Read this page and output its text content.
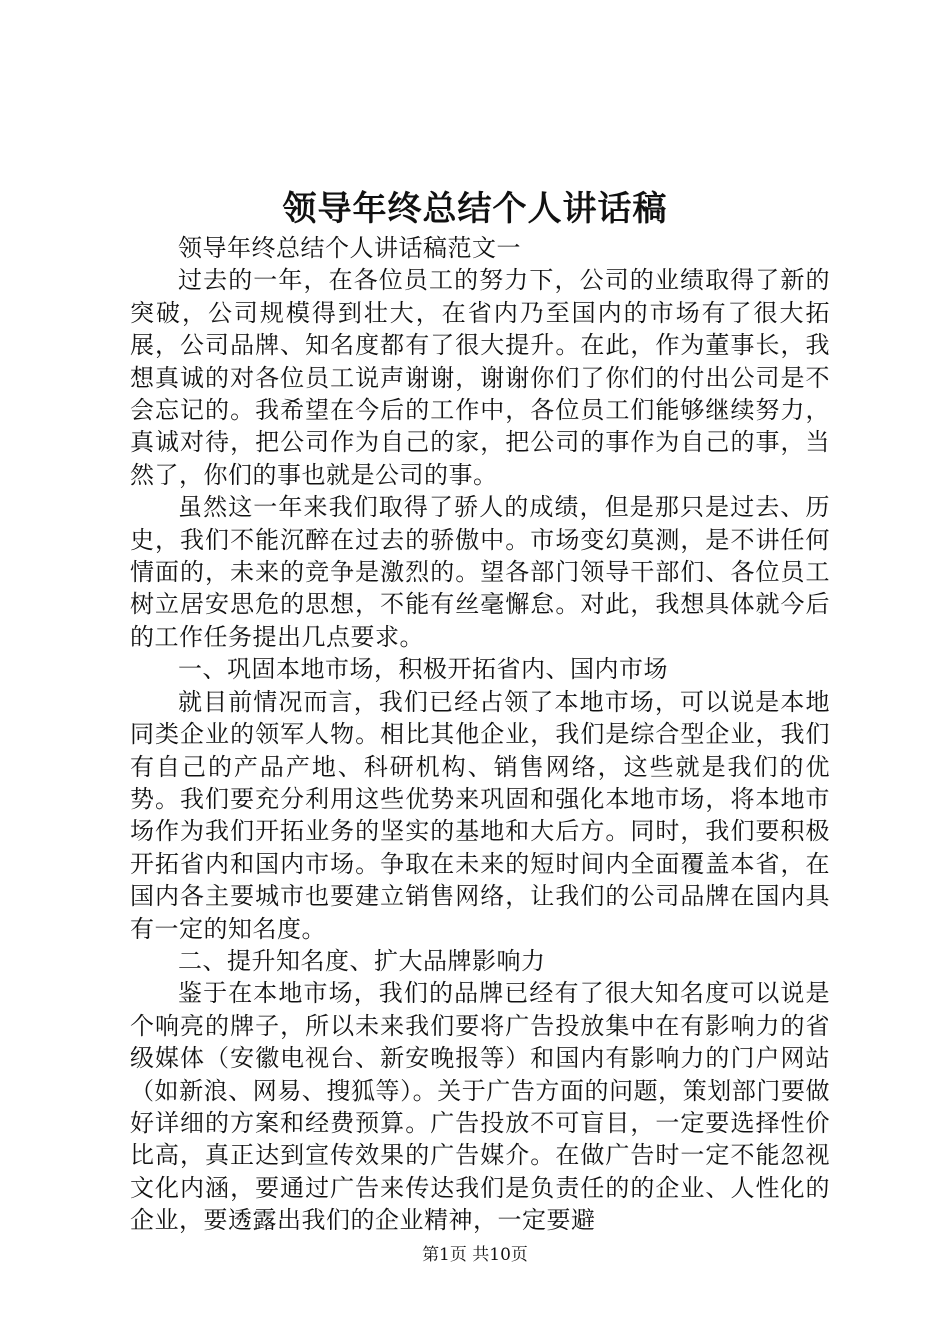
领导年终总结个人讲话稿

领导年终总结个人讲话稿范文一

过去的一年，在各位员工的努力下，公司的业绩取得了新的突破，公司规模得到壮大，在省内乃至国内的市场有了很大拓展，公司品牌、知名度都有了很大提升。在此，作为董事长，我想真诚的对各位员工说声谢谢，谢谢你们了你们的付出公司是不会忘记的。我希望在今后的工作中，各位员工们能够继续努力，真诚对待，把公司作为自己的家，把公司的事作为自己的事，当然了，你们的事也就是公司的事。

虽然这一年来我们取得了骄人的成绩，但是那只是过去、历史，我们不能沉醉在过去的骄傲中。市场变幻莫测，是不讲任何情面的，未来的竞争是激烈的。望各部门领导干部们、各位员工树立居安思危的思想，不能有丝毫懈怠。对此，我想具体就今后的工作任务提出几点要求。

一、巩固本地市场，积极开拓省内、国内市场

就目前情况而言，我们已经占领了本地市场，可以说是本地同类企业的领军人物。相比其他企业，我们是综合型企业，我们有自己的产品产地、科研机构、销售网络，这些就是我们的优势。我们要充分利用这些优势来巩固和强化本地市场，将本地市场作为我们开拓业务的坚实的基地和大后方。同时，我们要积极开拓省内和国内市场。争取在未来的短时间内全面覆盖本省，在国内各主要城市也要建立销售网络，让我们的公司品牌在国内具有一定的知名度。

二、提升知名度、扩大品牌影响力

鉴于在本地市场，我们的品牌已经有了很大知名度可以说是个响亮的牌子，所以未来我们要将广告投放集中在有影响力的省级媒体（安徽电视台、新安晚报等）和国内有影响力的门户网站（如新浪、网易、搜狐等）。关于广告方面的问题，策划部门要做好详细的方案和经费预算。广告投放不可盲目，一定要选择性价比高，真正达到宣传效果的广告媒介。在做广告时一定不能忽视文化内涵，要通过广告来传达我们是负责任的的企业、人性化的企业，要透露出我们的企业精神，一定要避

第1页 共10页
